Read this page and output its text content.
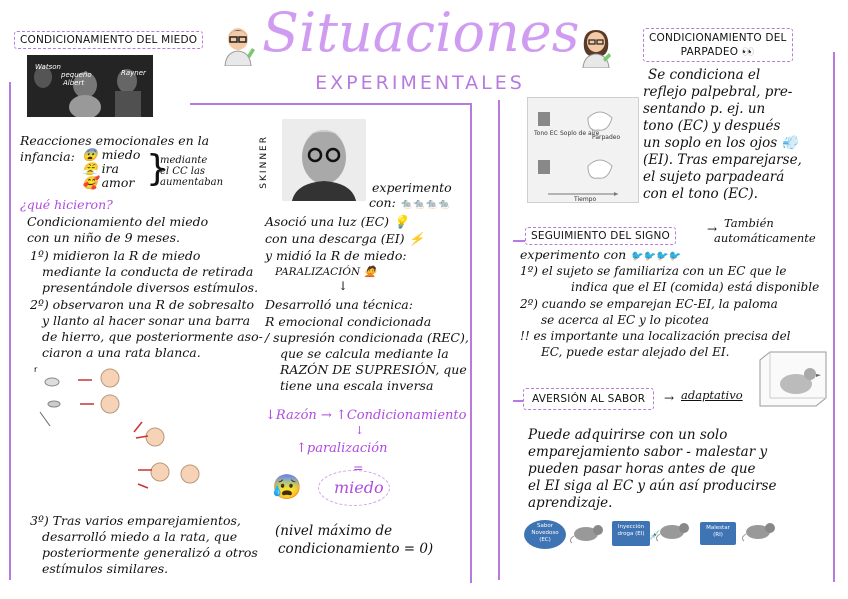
Situaciones
EXPERIMENTALES
CONDICIONAMIENTO DEL MIEDO	CONDICIONAMIENTO DEL
PARPADEO 👀
SEGUIMIENTO DEL SIGNO
AVERSIÓN AL SABOR
Watson
pequeño
Albert
Rayner
Reacciones emocionales en la
infancia: 😨 miedo
😤 ira
🥰 amor }
mediante
el CC las
aumentaban
¿qué hicieron?
Condicionamiento del miedo
con un niño de 9 meses.
1º) midieron la R de miedo
mediante la conducta de retirada
presentándole diversos estímulos.
2º) observaron una R de sobresalto
y llanto al hacer sonar una barra
de hierro, que posteriormente aso-
ciaron a una rata blanca.
r
3º) Tras varios emparejamientos,
desarrolló miedo a la rata, que
posteriormente generalizó a otros
estímulos similares.
SKINNER	experimento
con: 🐀🐀🐀🐀
Asoció una luz (EC) 💡
con una descarga (EI) ⚡
y midió la R de miedo:
PARALIZACIÓN 🙅
↓
Desarrolló una técnica:
R emocional condicionada
/ supresión condicionada (REC),
que se calcula mediante la
RAZÓN DE SUPRESIÓN, que
tiene una escala inversa
↓Razón → ↑Condicionamiento
↓
↑paralización
=
😰 miedo
(nivel máximo de
condicionamiento = 0)
Tono EC Soplo de aire
Parpadeo
Tiempo
Se condiciona el
reflejo palpebral, pre-
sentando p. ej. un
tono (EC) y después
un soplo en los ojos 💨
(EI). Tras emparejarse,
el sujeto parpadeará
con el tono (EC).
→ También
automáticamente
experimento con 🐦🐦🐦🐦
1º) el sujeto se familiariza con un EC que le
indica que el EI (comida) está disponible
2º) cuando se emparejan EC-EI, la paloma
se acerca al EC y lo picotea
!! es importante una localización precisa del
EC, puede estar alejado del EI.
→ adaptativo
Puede adquirirse con un solo
emparejamiento sabor - malestar y
pueden pasar horas antes de que
el EI siga al EC y aún así producirse
aprendizaje.
Sabor
Novedoso
(EC)
Inyección
droga (EI) 💉
Malestar
(RI)
